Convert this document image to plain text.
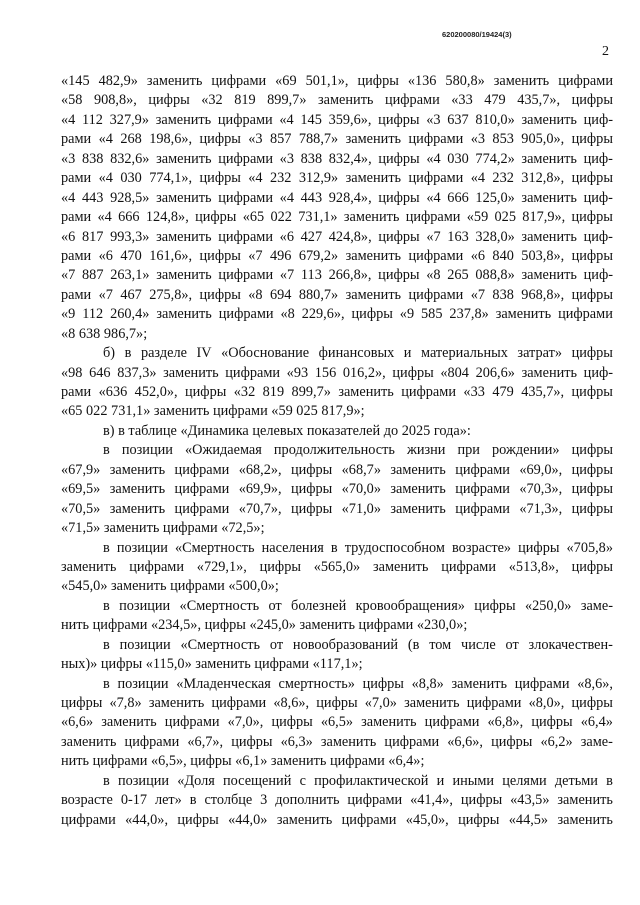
620200080/19424(3)
2
«145 482,9» заменить цифрами «69 501,1», цифры «136 580,8» заменить цифрами
«58 908,8», цифры «32 819 899,7» заменить цифрами «33 479 435,7», цифры
«4 112 327,9» заменить цифрами «4 145 359,6», цифры «3 637 810,0» заменить циф-
рами «4 268 198,6», цифры «3 857 788,7» заменить цифрами «3 853 905,0», цифры
«3 838 832,6» заменить цифрами «3 838 832,4», цифры «4 030 774,2» заменить циф-
рами «4 030 774,1», цифры «4 232 312,9» заменить цифрами «4 232 312,8», цифры
«4 443 928,5» заменить цифрами «4 443 928,4», цифры «4 666 125,0» заменить циф-
рами «4 666 124,8», цифры «65 022 731,1» заменить цифрами «59 025 817,9», цифры
«6 817 993,3» заменить цифрами «6 427 424,8», цифры «7 163 328,0» заменить циф-
рами «6 470 161,6», цифры «7 496 679,2» заменить цифрами «6 840 503,8», цифры
«7 887 263,1» заменить цифрами «7 113 266,8», цифры «8 265 088,8» заменить циф-
рами «7 467 275,8», цифры «8 694 880,7» заменить цифрами «7 838 968,8», цифры
«9 112 260,4» заменить цифрами «8 229,6», цифры «9 585 237,8» заменить цифрами
«8 638 986,7»;
б) в разделе IV «Обоснование финансовых и материальных затрат» цифры
«98 646 837,3» заменить цифрами «93 156 016,2», цифры «804 206,6» заменить циф-
рами «636 452,0», цифры «32 819 899,7» заменить цифрами «33 479 435,7», цифры
«65 022 731,1» заменить цифрами «59 025 817,9»;
в) в таблице «Динамика целевых показателей до 2025 года»:
в позиции «Ожидаемая продолжительность жизни при рождении» цифры
«67,9» заменить цифрами «68,2», цифры «68,7» заменить цифрами «69,0», цифры
«69,5» заменить цифрами «69,9», цифры «70,0» заменить цифрами «70,3», цифры
«70,5» заменить цифрами «70,7», цифры «71,0» заменить цифрами «71,3», цифры
«71,5» заменить цифрами «72,5»;
в позиции «Смертность населения в трудоспособном возрасте» цифры «705,8»
заменить цифрами «729,1», цифры «565,0» заменить цифрами «513,8», цифры
«545,0» заменить цифрами «500,0»;
в позиции «Смертность от болезней кровообращения» цифры «250,0» заме-
нить цифрами «234,5», цифры «245,0» заменить цифрами «230,0»;
в позиции «Смертность от новообразований (в том числе от злокачествен-
ных)» цифры «115,0» заменить цифрами «117,1»;
в позиции «Младенческая смертность» цифры «8,8» заменить цифрами «8,6»,
цифры «7,8» заменить цифрами «8,6», цифры «7,0» заменить цифрами «8,0», цифры
«6,6» заменить цифрами «7,0», цифры «6,5» заменить цифрами «6,8», цифры «6,4»
заменить цифрами «6,7», цифры «6,3» заменить цифрами «6,6», цифры «6,2» заме-
нить цифрами «6,5», цифры «6,1» заменить цифрами «6,4»;
в позиции «Доля посещений с профилактической и иными целями детьми в
возрасте 0-17 лет» в столбце 3 дополнить цифрами «41,4», цифры «43,5» заменить
цифрами «44,0», цифры «44,0» заменить цифрами «45,0», цифры «44,5» заменить
